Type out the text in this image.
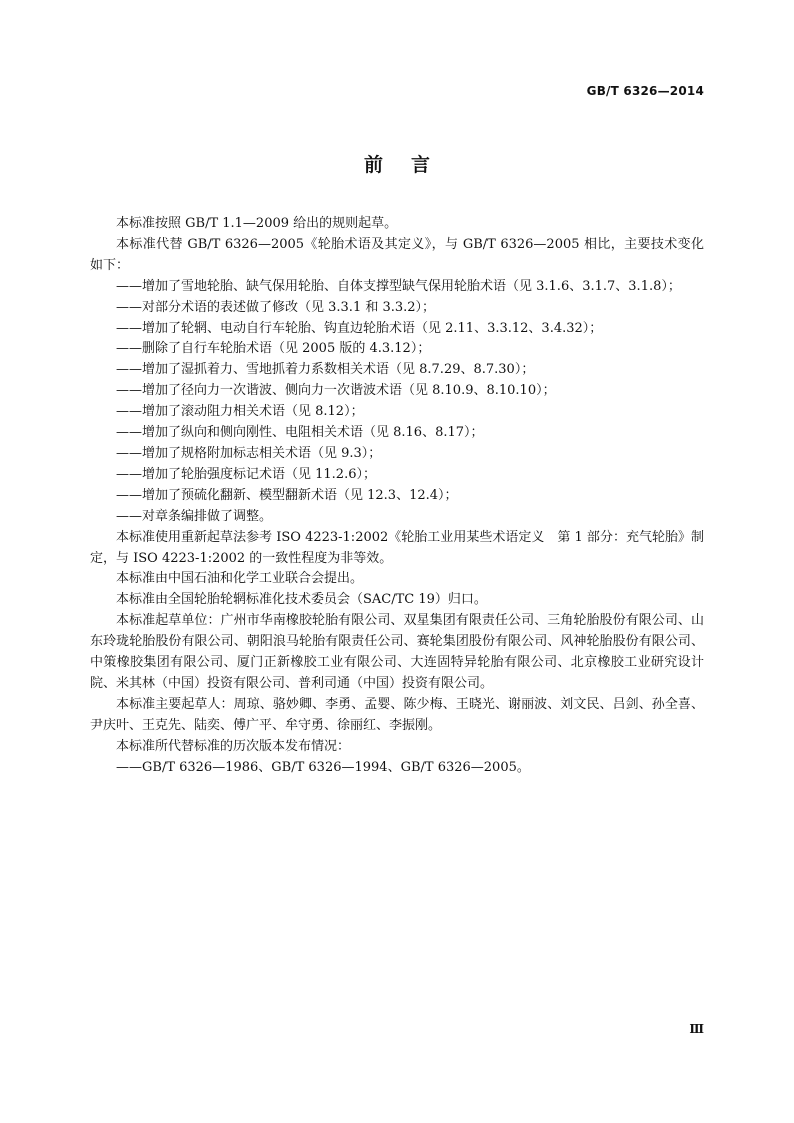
GB/T 6326—2014
前言

本标准按照 GB/T 1.1—2009 给出的规则起草。

本标准代替 GB/T 6326—2005《轮胎术语及其定义》，与 GB/T 6326—2005 相比，主要技术变化如下：

——增加了雪地轮胎、缺气保用轮胎、自体支撑型缺气保用轮胎术语（见 3.1.6、3.1.7、3.1.8）；

——对部分术语的表述做了修改（见 3.3.1 和 3.3.2）；

——增加了轮辋、电动自行车轮胎、钩直边轮胎术语（见 2.11、3.3.12、3.4.32）；

——删除了自行车轮胎术语（见 2005 版的 4.3.12）；

——增加了湿抓着力、雪地抓着力系数相关术语（见 8.7.29、8.7.30）；

——增加了径向力一次谐波、侧向力一次谐波术语（见 8.10.9、8.10.10）；

——增加了滚动阻力相关术语（见 8.12）；

——增加了纵向和侧向刚性、电阻相关术语（见 8.16、8.17）；

——增加了规格附加标志相关术语（见 9.3）；

——增加了轮胎强度标记术语（见 11.2.6）；

——增加了预硫化翻新、模型翻新术语（见 12.3、12.4）；

——对章条编排做了调整。

本标准使用重新起草法参考 ISO 4223-1:2002《轮胎工业用某些术语定义　第 1 部分：充气轮胎》制定，与 ISO 4223-1:2002 的一致性程度为非等效。

本标准由中国石油和化学工业联合会提出。

本标准由全国轮胎轮辋标准化技术委员会（SAC/TC 19）归口。

本标准起草单位：广州市华南橡胶轮胎有限公司、双星集团有限责任公司、三角轮胎股份有限公司、山东玲珑轮胎股份有限公司、朝阳浪马轮胎有限责任公司、赛轮集团股份有限公司、风神轮胎股份有限公司、中策橡胶集团有限公司、厦门正新橡胶工业有限公司、大连固特异轮胎有限公司、北京橡胶工业研究设计院、米其林（中国）投资有限公司、普利司通（中国）投资有限公司。

本标准主要起草人：周琼、骆妙卿、李勇、孟婴、陈少梅、王晓光、谢丽波、刘文民、吕剑、孙全喜、尹庆叶、王克先、陆奕、傅广平、牟守勇、徐丽红、李振刚。

本标准所代替标准的历次版本发布情况：

——GB/T 6326—1986、GB/T 6326—1994、GB/T 6326—2005。

Ⅲ
